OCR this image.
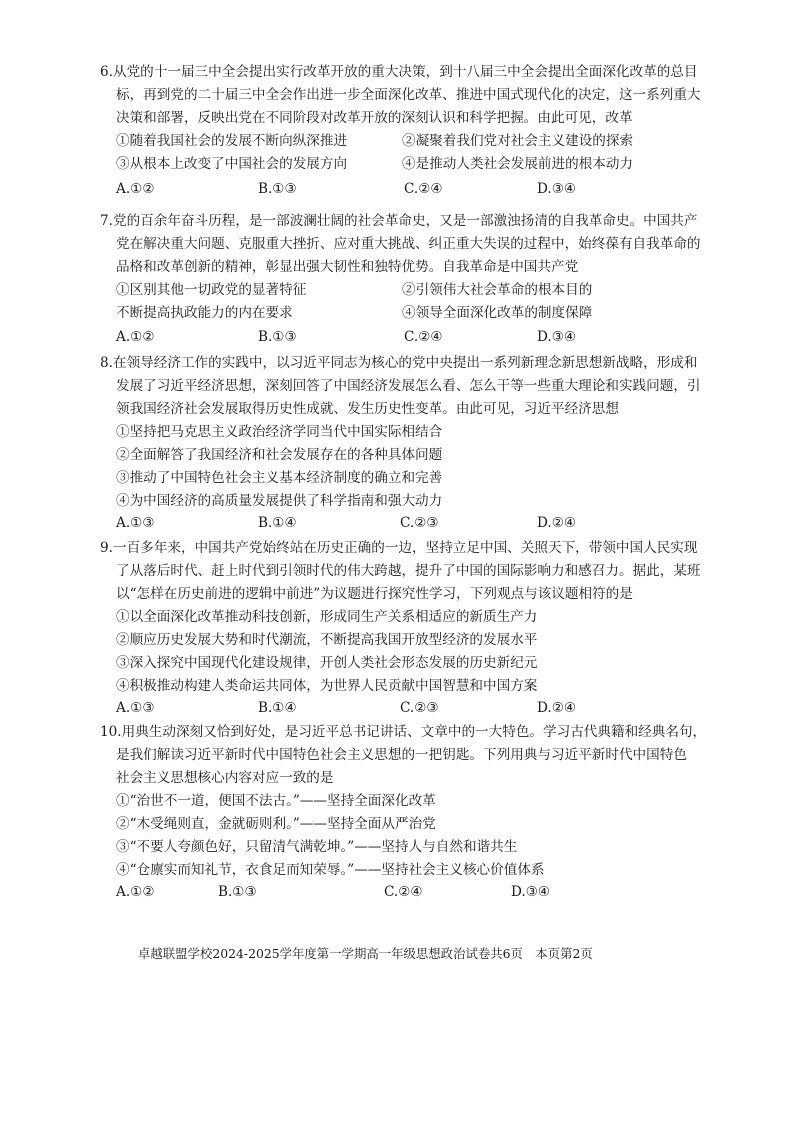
6.从党的十一届三中全会提出实行改革开放的重大决策，到十八届三中全会提出全面深化改革的总目
标，再到党的二十届三中全会作出进一步全面深化改革、推进中国式现代化的决定，这一系列重大
决策和部署，反映出党在不同阶段对改革开放的深刻认识和科学把握。由此可见，改革
①随着我国社会的发展不断向纵深推进	②凝聚着我们党对社会主义建设的探索
③从根本上改变了中国社会的发展方向	④是推动人类社会发展前进的根本动力
A.①②	B.①③	C.②④	D.③④
7.党的百余年奋斗历程，是一部波澜壮阔的社会革命史，又是一部激浊扬清的自我革命史。中国共产
党在解决重大问题、克服重大挫折、应对重大挑战、纠正重大失误的过程中，始终葆有自我革命的
品格和改革创新的精神，彰显出强大韧性和独特优势。自我革命是中国共产党
①区别其他一切政党的显著特征	②引领伟大社会革命的根本目的
不断提高执政能力的内在要求	④领导全面深化改革的制度保障
A.①②	B.①③	C.②④	D.③④
8.在领导经济工作的实践中，以习近平同志为核心的党中央提出一系列新理念新思想新战略，形成和
发展了习近平经济思想，深刻回答了中国经济发展怎么看、怎么干等一些重大理论和实践问题，引
领我国经济社会发展取得历史性成就、发生历史性变革。由此可见，习近平经济思想
①坚持把马克思主义政治经济学同当代中国实际相结合
②全面解答了我国经济和社会发展存在的各种具体问题
③推动了中国特色社会主义基本经济制度的确立和完善
④为中国经济的高质量发展提供了科学指南和强大动力
A.①③	B.①④	C.②③	D.②④
9.一百多年来，中国共产党始终站在历史正确的一边，坚持立足中国、关照天下，带领中国人民实现
了从落后时代、赶上时代到引领时代的伟大跨越，提升了中国的国际影响力和感召力。据此，某班
以“怎样在历史前进的逻辑中前进”为议题进行探究性学习，下列观点与该议题相符的是
①以全面深化改革推动科技创新，形成同生产关系相适应的新质生产力
②顺应历史发展大势和时代潮流，不断提高我国开放型经济的发展水平
③深入探究中国现代化建设规律，开创人类社会形态发展的历史新纪元
④积极推动构建人类命运共同体，为世界人民贡献中国智慧和中国方案
A.①③	B.①④	C.②③	D.②④
10.用典生动深刻又恰到好处，是习近平总书记讲话、文章中的一大特色。学习古代典籍和经典名句，
是我们解读习近平新时代中国特色社会主义思想的一把钥匙。下列用典与习近平新时代中国特色
社会主义思想核心内容对应一致的是
①“治世不一道，便国不法古。”——坚持全面深化改革
②“木受绳则直，金就砺则利。”——坚持全面从严治党
③“不要人夸颜色好，只留清气满乾坤。”——坚持人与自然和谐共生
④“仓廪实而知礼节，衣食足而知荣辱。”——坚持社会主义核心价值体系
A.①②	B.①③	C.②④	D.③④
卓越联盟学校2024-2025学年度第一学期高一年级思想政治试卷共6页　本页第2页
